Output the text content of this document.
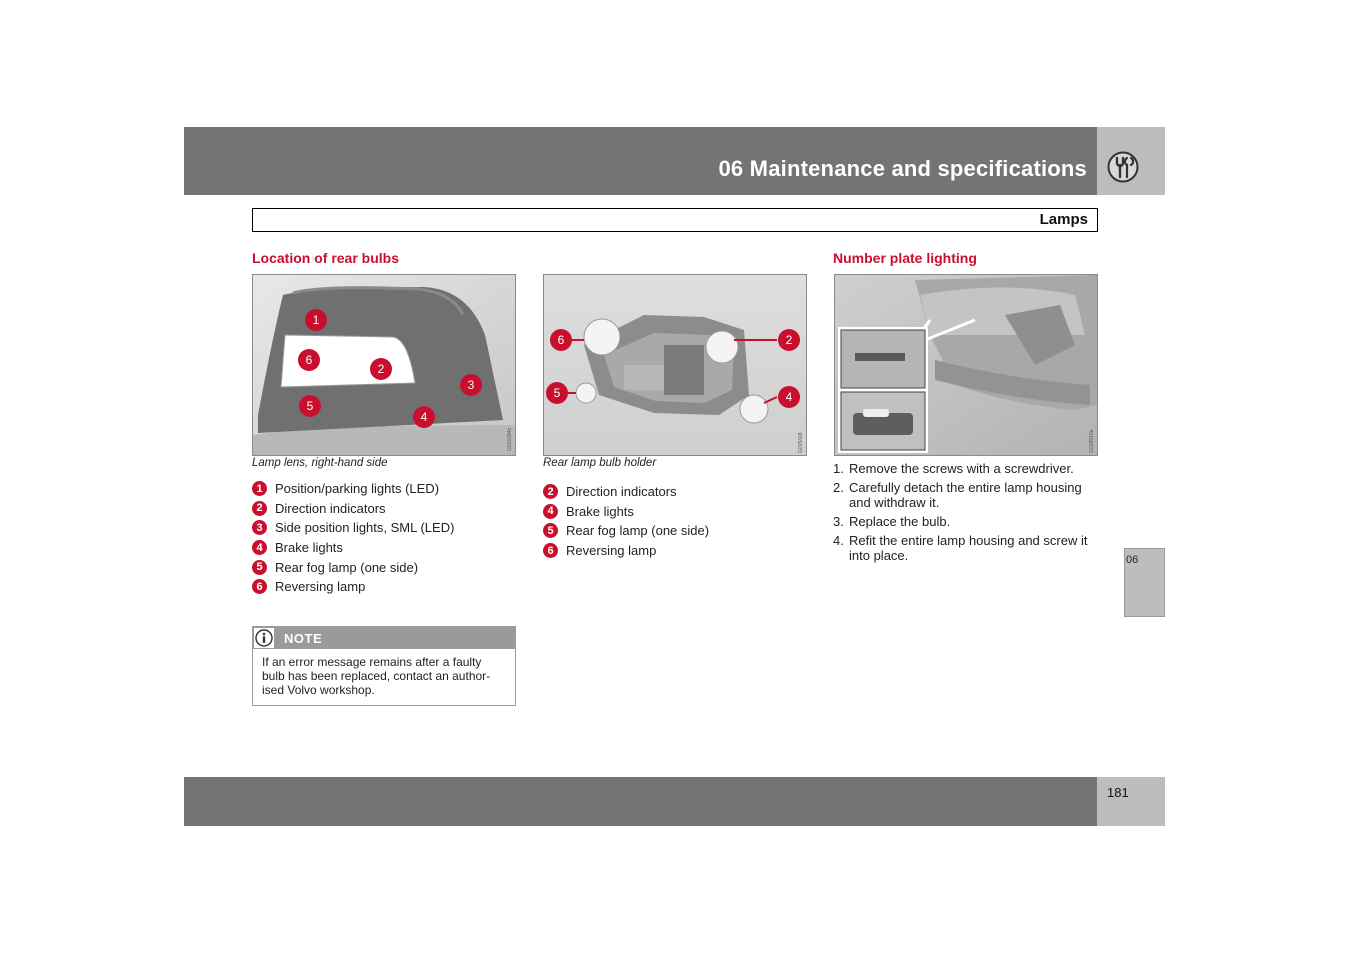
06 Maintenance and specifications
Lamps
Location of rear bulbs
1
6
2
3
5
4
G031094c
Lamp lens, right-hand side
1 Position/parking lights (LED)
2 Direction indicators
3 Side position lights, SML (LED)
4 Brake lights
5 Rear fog lamp (one side)
6 Reversing lamp
NOTE
If an error message remains after a faulty bulb has been replaced, contact an author-ised Volvo workshop.
6	2
5	4
G015418
Rear lamp bulb holder
2 Direction indicators
4 Brake lights
5 Rear fog lamp (one side)
6 Reversing lamp
Number plate lighting
G018910a
1. Remove the screws with a screwdriver.
2. Carefully detach the entire lamp housing and withdraw it.
3. Replace the bulb.
4. Refit the entire lamp housing and screw it into place.	06
181
